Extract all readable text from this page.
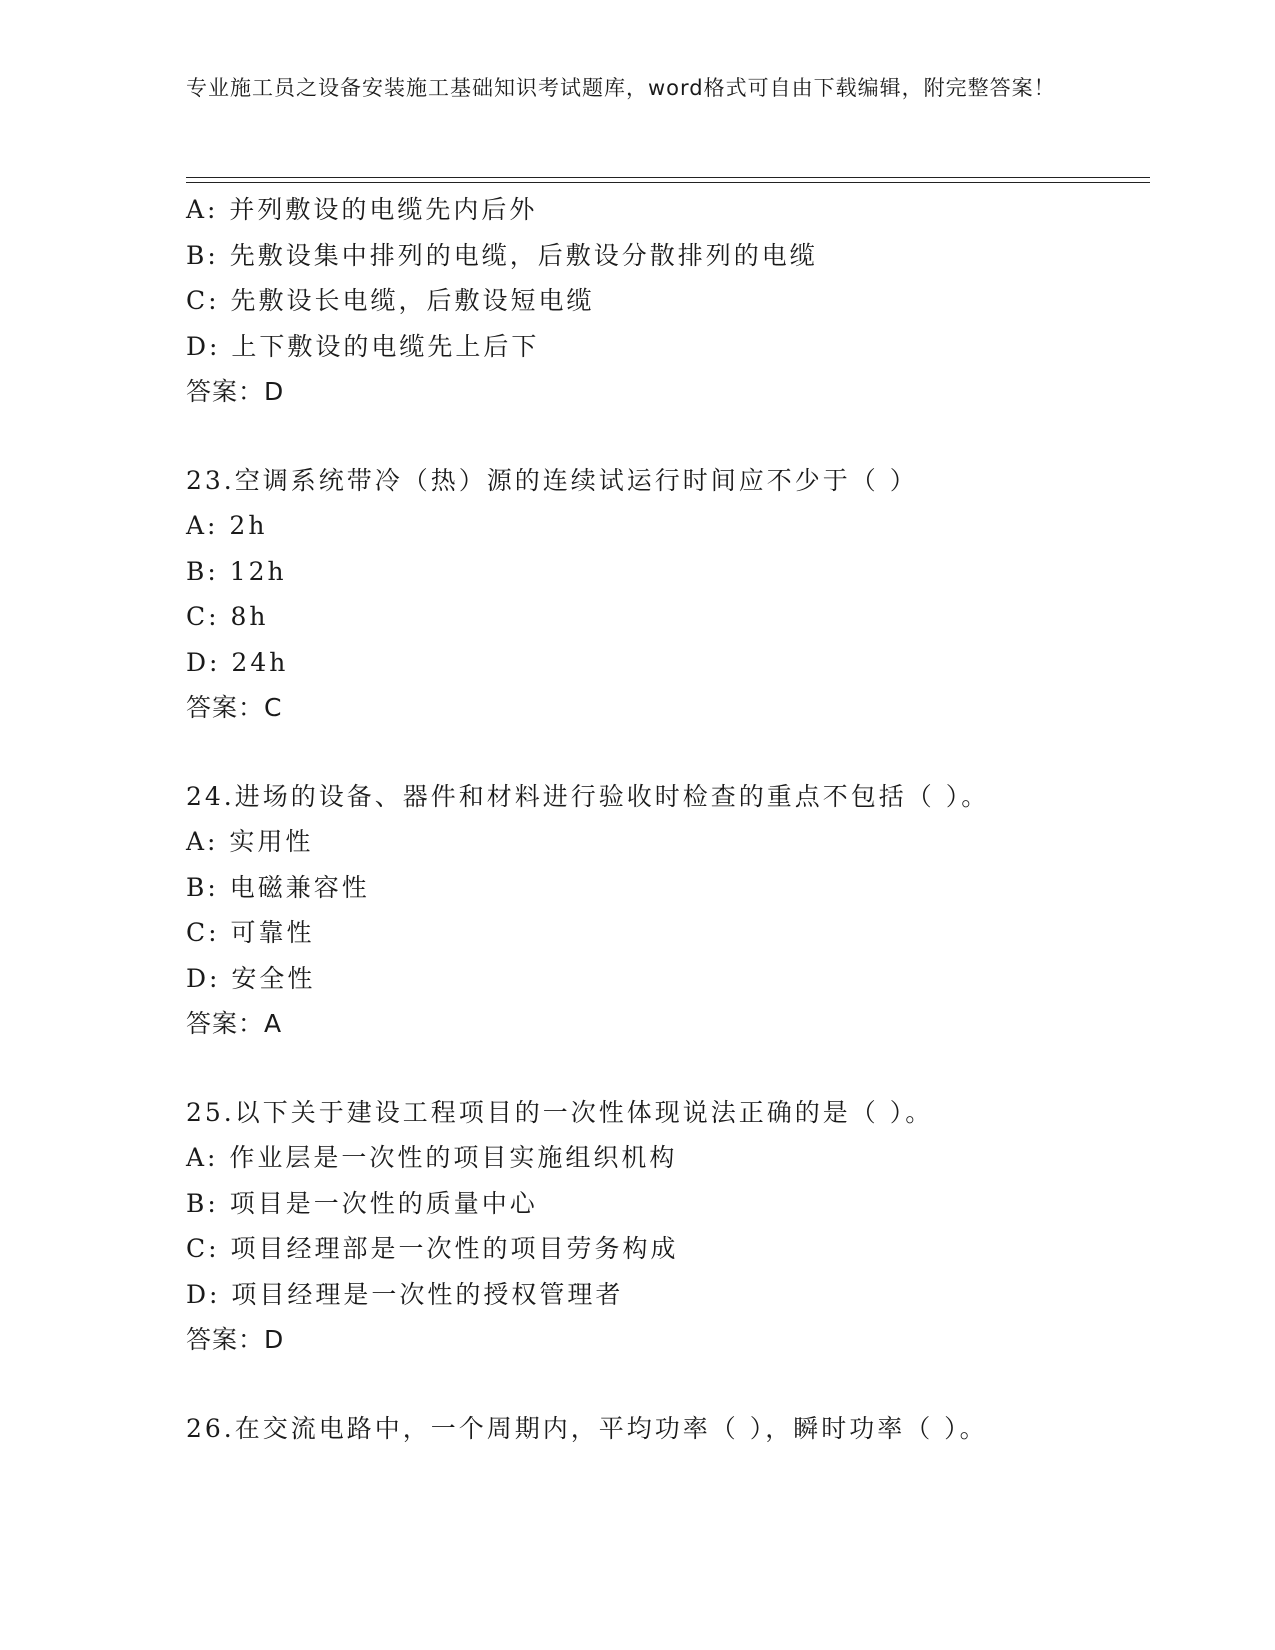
专业施工员之设备安装施工基础知识考试题库，word格式可自由下载编辑，附完整答案！
A: 并列敷设的电缆先内后外
B: 先敷设集中排列的电缆，后敷设分散排列的电缆
C: 先敷设长电缆，后敷设短电缆
D: 上下敷设的电缆先上后下
答案：D
23.空调系统带冷（热）源的连续试运行时间应不少于（ ）
A: 2h
B: 12h
C: 8h
D: 24h
答案：C
24.进场的设备、器件和材料进行验收时检查的重点不包括（ ）。
A: 实用性
B: 电磁兼容性
C: 可靠性
D: 安全性
答案：A
25.以下关于建设工程项目的一次性体现说法正确的是（ ）。
A: 作业层是一次性的项目实施组织机构
B: 项目是一次性的质量中心
C: 项目经理部是一次性的项目劳务构成
D: 项目经理是一次性的授权管理者
答案：D
26.在交流电路中，一个周期内，平均功率（ ），瞬时功率（ ）。
